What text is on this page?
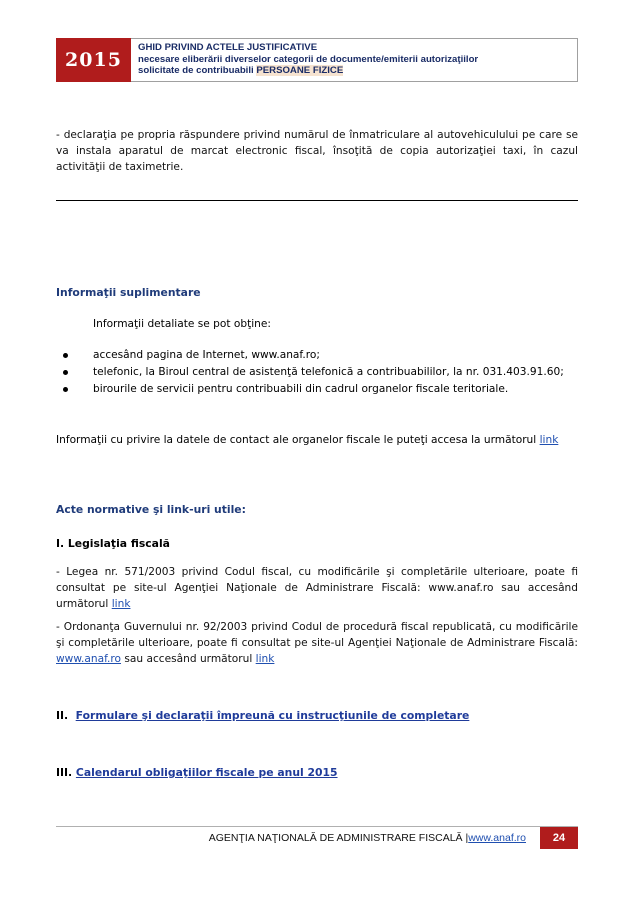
2015
GHID PRIVIND ACTELE JUSTIFICATIVE
necesare eliberării diverselor categorii de documente/emiterii autorizaţiilor
solicitate de contribuabili PERSOANE FIZICE
- declaraţia pe propria răspundere privind numărul de înmatriculare al autovehiculului pe care se va instala aparatul de marcat electronic fiscal, însoţită de copia autorizaţiei taxi, în cazul activităţii de taximetrie.
Informaţii suplimentare
Informaţii detaliate se pot obţine:
accesând pagina de Internet, www.anaf.ro;
telefonic, la Biroul central de asistenţă telefonică a contribuabililor, la nr. 031.403.91.60;
birourile de servicii pentru contribuabili din cadrul organelor fiscale teritoriale.
Informaţii cu privire la datele de contact ale organelor fiscale le puteţi accesa la următorul link
Acte normative şi link-uri utile:
I. Legislaţia fiscală
- Legea nr. 571/2003 privind Codul fiscal, cu modificările şi completările ulterioare, poate fi consultat pe site-ul Agenţiei Naţionale de Administrare Fiscală: www.anaf.ro sau accesând următorul link
- Ordonanţa Guvernului nr. 92/2003 privind Codul de procedură fiscal republicată, cu modificările şi completările ulterioare, poate fi consultat pe site-ul Agenţiei Naţionale de Administrare Fiscală: www.anaf.ro sau accesând următorul link
II. Formulare şi declaraţii împreună cu instrucţiunile de completare
III. Calendarul obligaţiilor fiscale pe anul 2015
AGENŢIA NAŢIONALĂ DE ADMINISTRARE FISCALĂ |www.anaf.ro	24
